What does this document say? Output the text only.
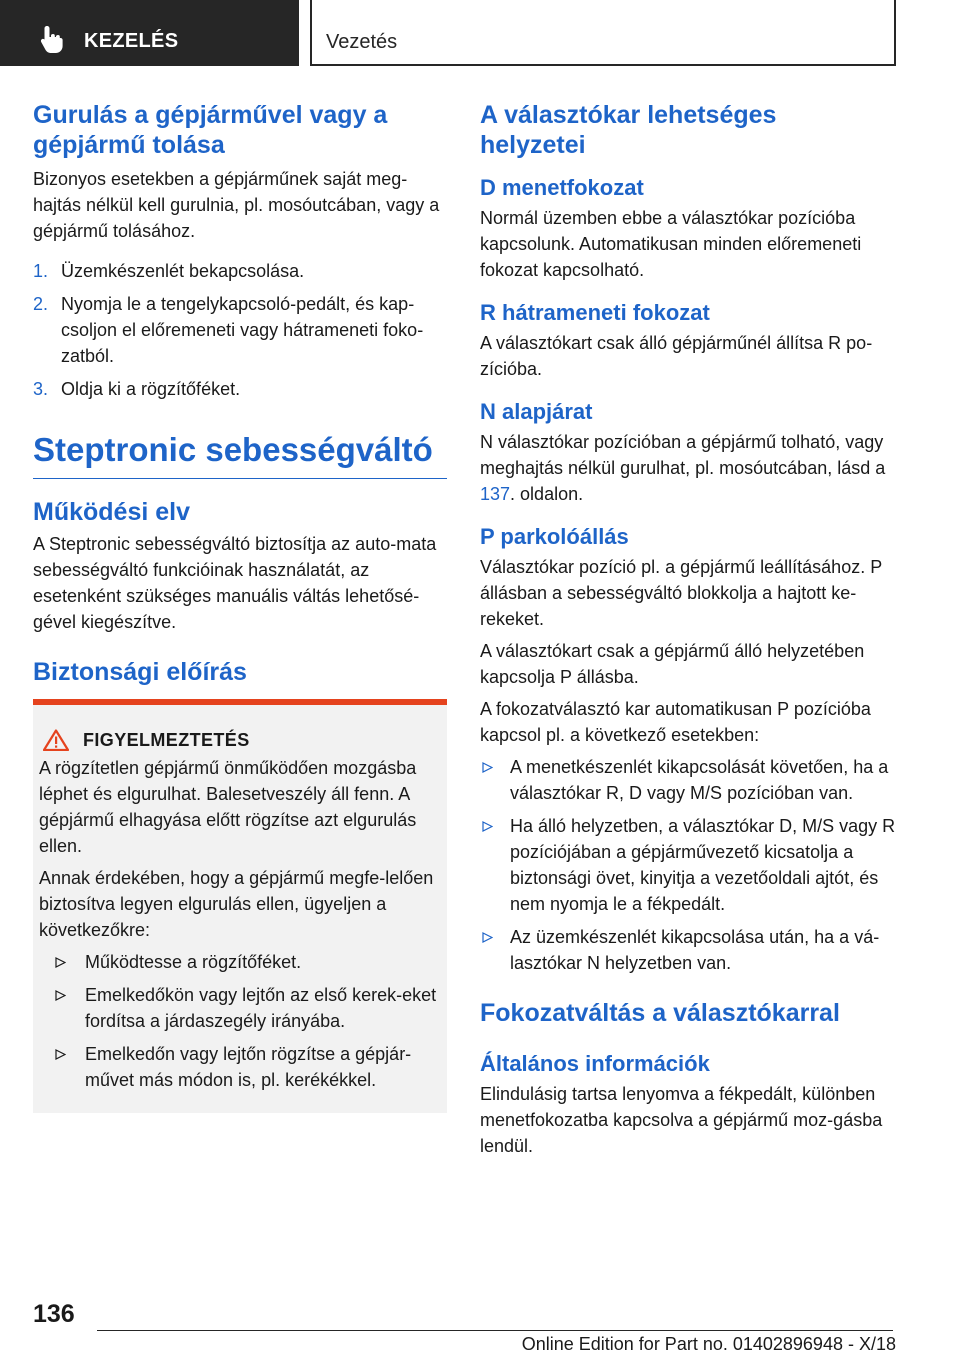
KEZELÉS	Vezetés
Gurulás a gépjárművel vagy a gépjármű tolása

Bizonyos esetekben a gépjárműnek saját meg-hajtás nélkül kell gurulnia, pl. mosóutcában, vagy a gépjármű tolásához.

1. Üzemkészenlét bekapcsolása.
2. Nyomja le a tengelykapcsoló-pedált, és kap-csoljon el előremeneti vagy hátrameneti foko-zatból.
3. Oldja ki a rögzítőféket.
Steptronic sebességváltó
Működési elv

A Steptronic sebességváltó biztosítja az auto-mata sebességváltó funkcióinak használatát, az esetenként szükséges manuális váltás lehetősé-gével kiegészítve.

Biztonsági előírás
FIGYELMEZTETÉS

A rögzítetlen gépjármű önműködően mozgásba léphet és elgurulhat. Balesetveszély áll fenn. A gépjármű elhagyása előtt rögzítse azt elgurulás ellen.

Annak érdekében, hogy a gépjármű megfe-lelően biztosítva legyen elgurulás ellen, ügyeljen a következőkre:

Működtesse a rögzítőféket.
Emelkedőkön vagy lejtőn az első kerek-eket fordítsa a járdaszegély irányába.
Emelkedőn vagy lejtőn rögzítse a gépjár-művet más módon is, pl. kerékékkel.
A választókar lehetséges helyzetei
D menetfokozat

Normál üzemben ebbe a választókar pozícióba kapcsolunk. Automatikusan minden előremeneti fokozat kapcsolható.

R hátrameneti fokozat

A választókart csak álló gépjárműnél állítsa R po-zícióba.

N alapjárat

N választókar pozícióban a gépjármű tolható, vagy meghajtás nélkül gurulhat, pl. mosóutcában, lásd a 137. oldalon.

P parkolóállás

Választókar pozíció pl. a gépjármű leállításához. P állásban a sebességváltó blokkolja a hajtott ke-rekeket.

A választókart csak a gépjármű álló helyzetében kapcsolja P állásba.

A fokozatválasztó kar automatikusan P pozícióba kapcsol pl. a következő esetekben:

A menetkészenlét kikapcsolását követően, ha a választókar R, D vagy M/S pozícióban van.
Ha álló helyzetben, a választókar D, M/S vagy R pozíciójában a gépjárművezető kicsatolja a biztonsági övet, kinyitja a vezetőoldali ajtót, és nem nyomja le a fékpedált.
Az üzemkészenlét kikapcsolása után, ha a vá-lasztókar N helyzetben van.
Fokozatváltás a választókarral
Általános információk

Elindulásig tartsa lenyomva a fékpedált, különben menetfokozatba kapcsolva a gépjármű moz-gásba lendül.

136
Online Edition for Part no. 01402896948 - X/18
